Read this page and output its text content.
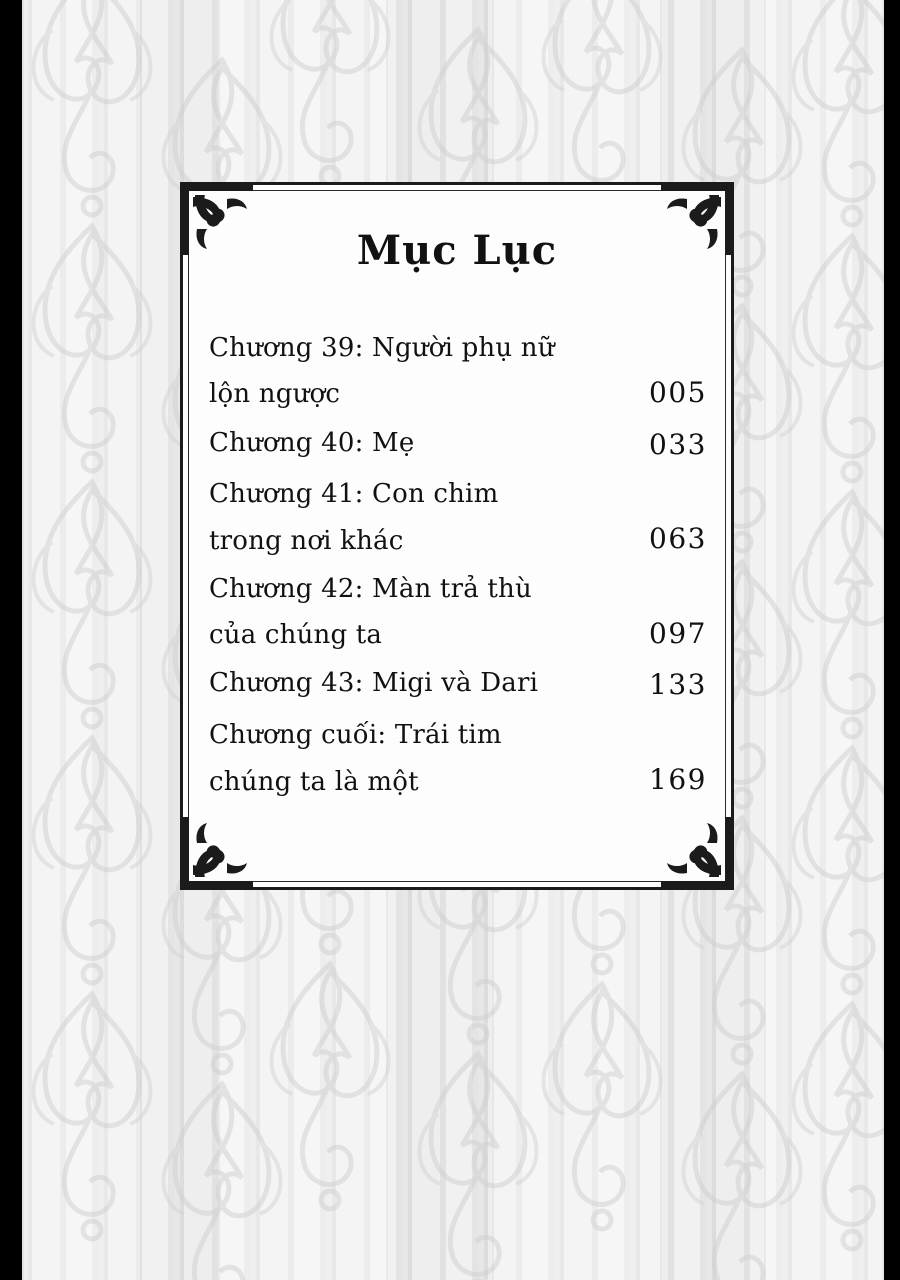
Mục Lục
Chương 39: Người phụ nữ lộn ngược	005
Chương 40: Mẹ	033
Chương 41: Con chim trong nơi khác	063
Chương 42: Màn trả thù của chúng ta	097
Chương 43: Migi và Dari	133
Chương cuối: Trái tim chúng ta là một	169
